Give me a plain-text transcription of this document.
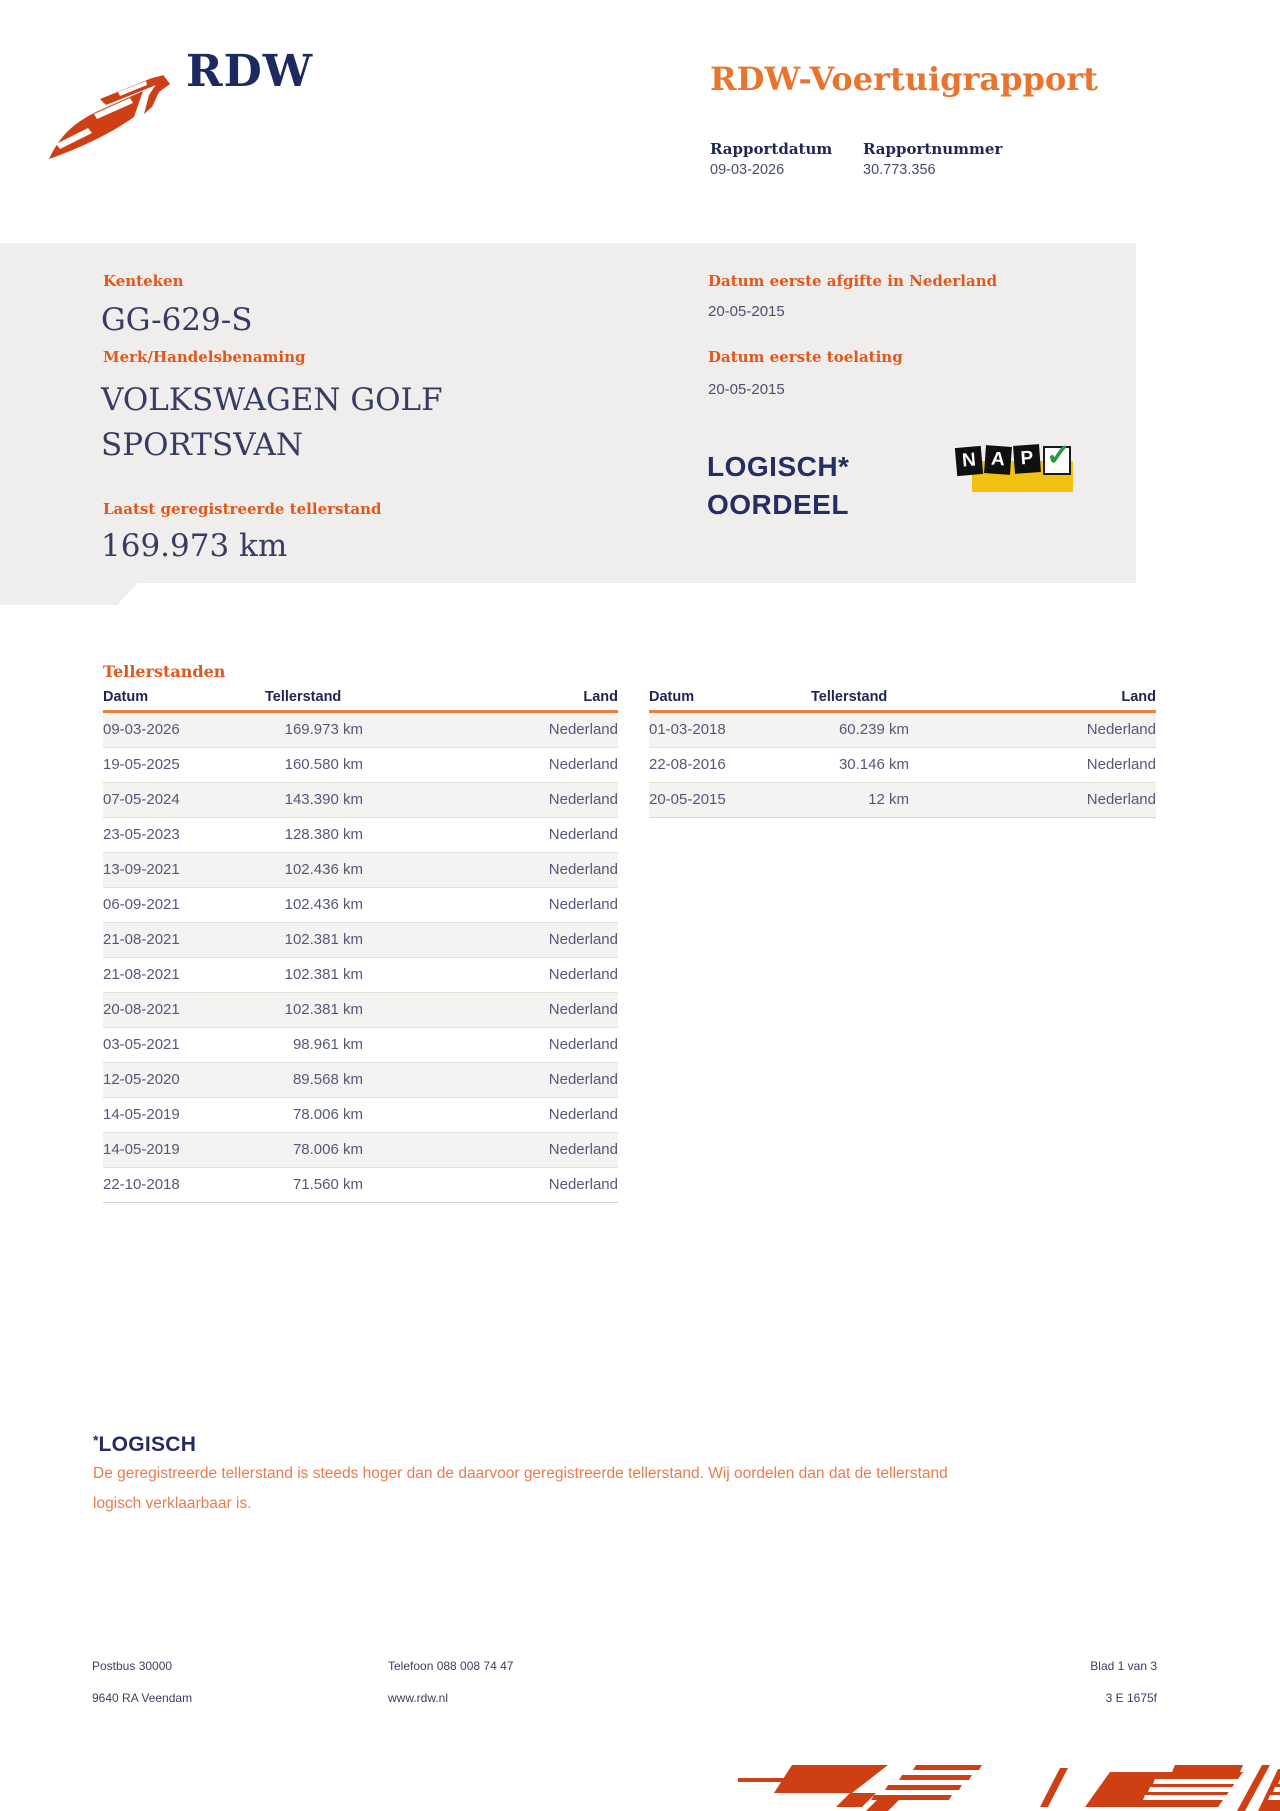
RDW	RDW-Voertuigrapport
Rapportdatum Rapportnummer
09-03-2026	30.773.356
Kenteken
GG-629-S
Merk/Handelsbenaming
VOLKSWAGEN GOLF
SPORTSVAN
Laatst geregistreerde tellerstand
169.973 km
Datum eerste afgifte in Nederland
20-05-2015
Datum eerste toelating
20-05-2015
LOGISCH*
OORDEEL
N A P ✓
Tellerstanden
Datum	Tellerstand	Land
09-03-2026	169.973 km	Nederland
19-05-2025	160.580 km	Nederland
07-05-2024	143.390 km	Nederland
23-05-2023	128.380 km	Nederland
13-09-2021	102.436 km	Nederland
06-09-2021	102.436 km	Nederland
21-08-2021	102.381 km	Nederland
21-08-2021	102.381 km	Nederland
20-08-2021	102.381 km	Nederland
03-05-2021	98.961 km	Nederland
12-05-2020	89.568 km	Nederland
14-05-2019	78.006 km	Nederland
14-05-2019	78.006 km	Nederland
22-10-2018	71.560 km	Nederland
Datum	Tellerstand	Land
01-03-2018	60.239 km	Nederland
22-08-2016	30.146 km	Nederland
20-05-2015	12 km	Nederland
*LOGISCH
De geregistreerde tellerstand is steeds hoger dan de daarvoor geregistreerde tellerstand. Wij oordelen dan dat de tellerstand logisch verklaarbaar is.
Postbus 30000
9640 RA Veendam
Telefoon 088 008 74 47
www.rdw.nl
Blad 1 van 3
3 E 1675f
